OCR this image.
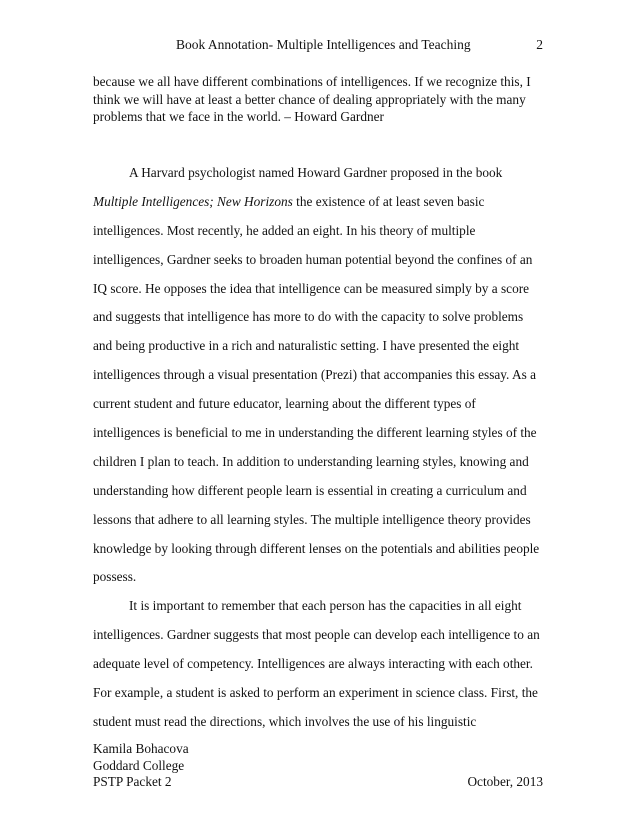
Book Annotation- Multiple Intelligences and Teaching	2
because we all have different combinations of intelligences. If we recognize this, I
think we will have at least a better chance of dealing appropriately with the many
problems that we face in the world. – Howard Gardner
A Harvard psychologist named Howard Gardner proposed in the book
Multiple Intelligences; New Horizons the existence of at least seven basic
intelligences. Most recently, he added an eight. In his theory of multiple
intelligences, Gardner seeks to broaden human potential beyond the confines of an
IQ score. He opposes the idea that intelligence can be measured simply by a score
and suggests that intelligence has more to do with the capacity to solve problems
and being productive in a rich and naturalistic setting. I have presented the eight
intelligences through a visual presentation (Prezi) that accompanies this essay. As a
current student and future educator, learning about the different types of
intelligences is beneficial to me in understanding the different learning styles of the
children I plan to teach. In addition to understanding learning styles, knowing and
understanding how different people learn is essential in creating a curriculum and
lessons that adhere to all learning styles. The multiple intelligence theory provides
knowledge by looking through different lenses on the potentials and abilities people
possess.
It is important to remember that each person has the capacities in all eight
intelligences. Gardner suggests that most people can develop each intelligence to an
adequate level of competency. Intelligences are always interacting with each other.
For example, a student is asked to perform an experiment in science class. First, the
student must read the directions, which involves the use of his linguistic
Kamila Bohacova
Goddard College
PSTP Packet 2	October, 2013
